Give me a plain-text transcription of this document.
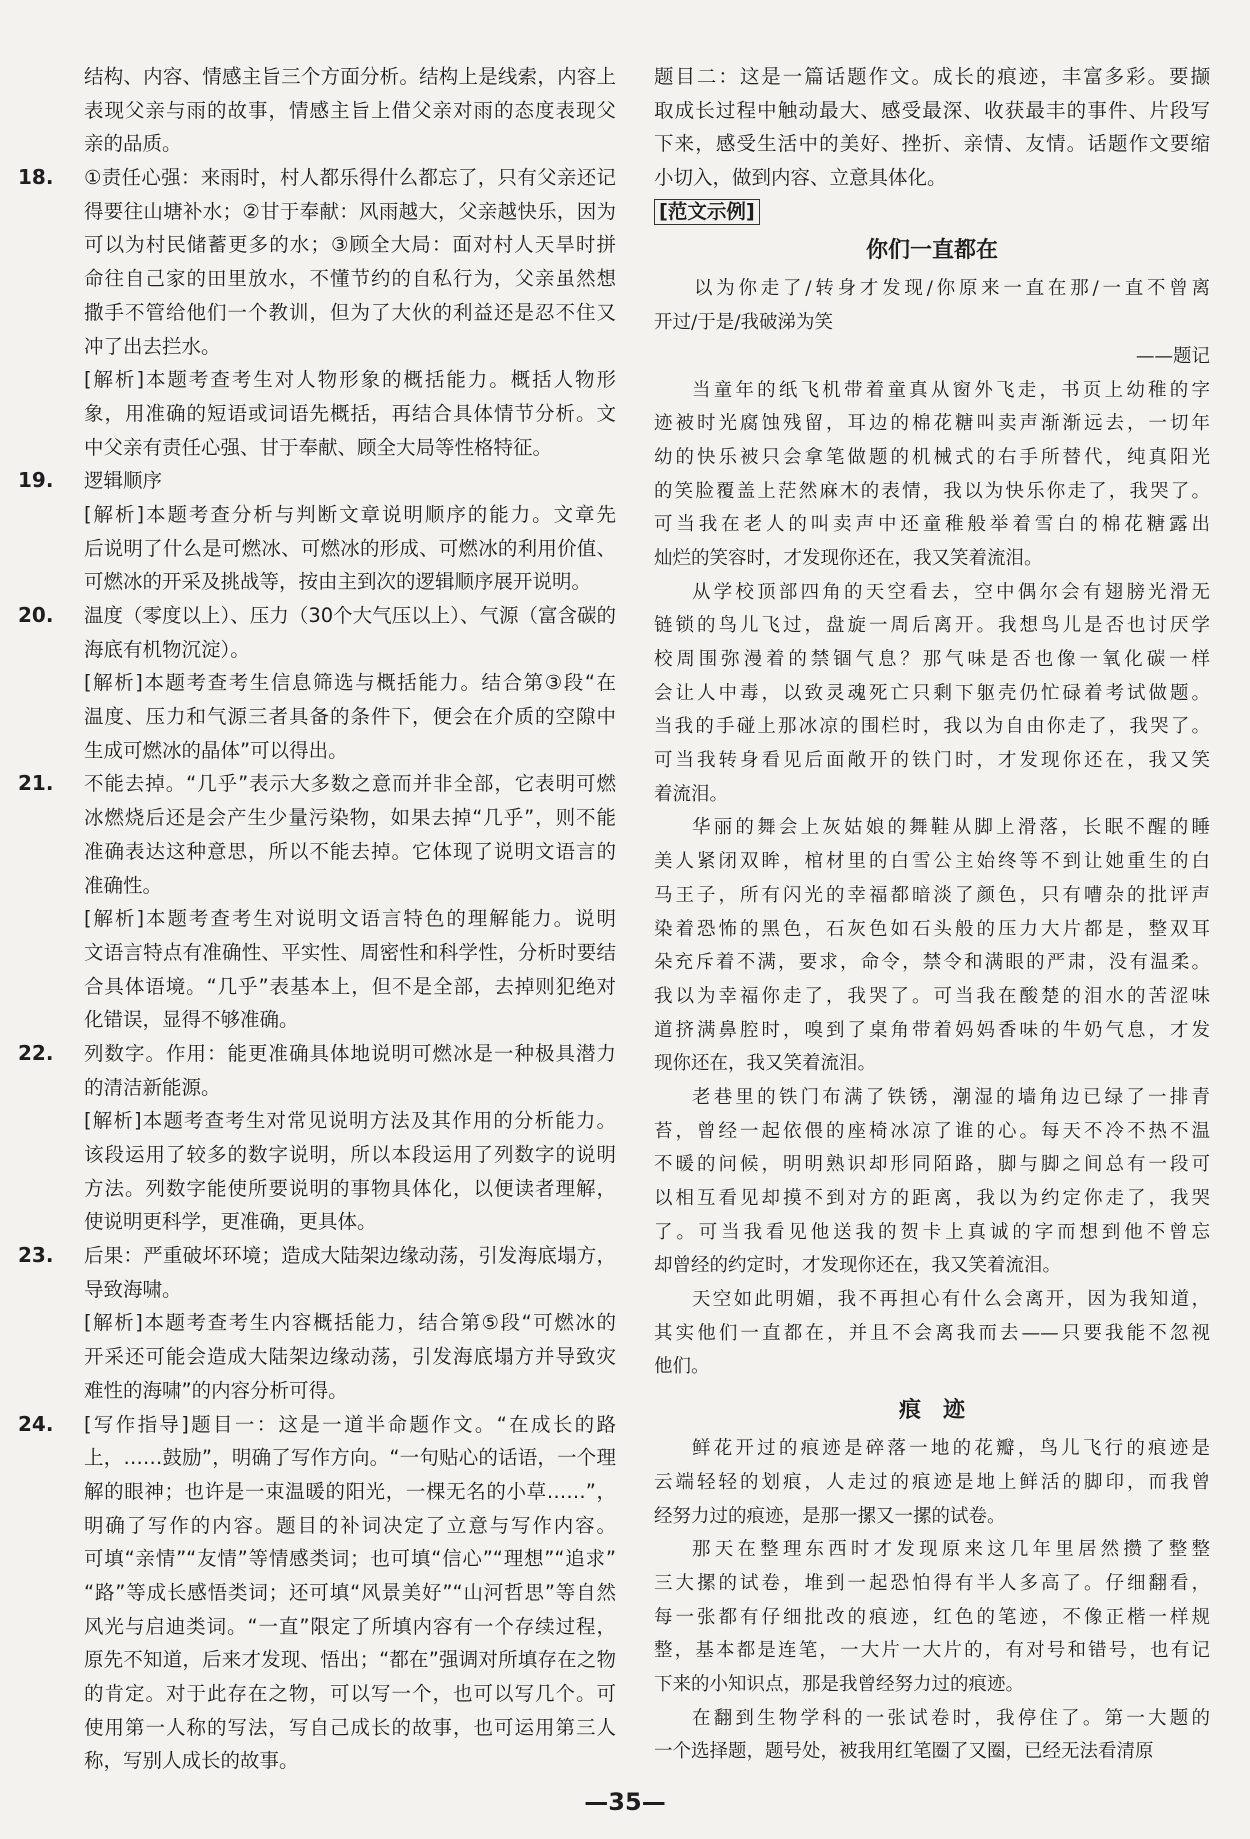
结构、内容、情感主旨三个方面分析。结构上是线索，内容上
表现父亲与雨的故事，情感主旨上借父亲对雨的态度表现父
亲的品质。
18. ①责任心强：来雨时，村人都乐得什么都忘了，只有父亲还记
得要往山塘补水；②甘于奉献：风雨越大，父亲越快乐，因为
可以为村民储蓄更多的水；③顾全大局：面对村人天旱时拼
命往自己家的田里放水，不懂节约的自私行为，父亲虽然想
撒手不管给他们一个教训，但为了大伙的利益还是忍不住又
冲了出去拦水。
[解析]本题考查考生对人物形象的概括能力。概括人物形
象，用准确的短语或词语先概括，再结合具体情节分析。文
中父亲有责任心强、甘于奉献、顾全大局等性格特征。
19. 逻辑顺序
[解析]本题考查分析与判断文章说明顺序的能力。文章先
后说明了什么是可燃冰、可燃冰的形成、可燃冰的利用价值、
可燃冰的开采及挑战等，按由主到次的逻辑顺序展开说明。
20. 温度（零度以上）、压力（30个大气压以上）、气源（富含碳的
海底有机物沉淀）。
[解析]本题考查考生信息筛选与概括能力。结合第③段“在
温度、压力和气源三者具备的条件下，便会在介质的空隙中
生成可燃冰的晶体”可以得出。
21. 不能去掉。“几乎”表示大多数之意而并非全部，它表明可燃
冰燃烧后还是会产生少量污染物，如果去掉“几乎”，则不能
准确表达这种意思，所以不能去掉。它体现了说明文语言的
准确性。
[解析]本题考查考生对说明文语言特色的理解能力。说明
文语言特点有准确性、平实性、周密性和科学性，分析时要结
合具体语境。“几乎”表基本上，但不是全部，去掉则犯绝对
化错误，显得不够准确。
22. 列数字。作用：能更准确具体地说明可燃冰是一种极具潜力
的清洁新能源。
[解析]本题考查考生对常见说明方法及其作用的分析能力。
该段运用了较多的数字说明，所以本段运用了列数字的说明
方法。列数字能使所要说明的事物具体化，以便读者理解，
使说明更科学，更准确，更具体。
23. 后果：严重破坏环境；造成大陆架边缘动荡，引发海底塌方，
导致海啸。
[解析]本题考查考生内容概括能力，结合第⑤段“可燃冰的
开采还可能会造成大陆架边缘动荡，引发海底塌方并导致灾
难性的海啸”的内容分析可得。
24. [写作指导]题目一：这是一道半命题作文。“在成长的路
上，……鼓励”，明确了写作方向。“一句贴心的话语，一个理
解的眼神；也许是一束温暖的阳光，一棵无名的小草……”，
明确了写作的内容。题目的补词决定了立意与写作内容。
可填“亲情”“友情”等情感类词；也可填“信心”“理想”“追求”
“路”等成长感悟类词；还可填“风景美好”“山河哲思”等自然
风光与启迪类词。“一直”限定了所填内容有一个存续过程，
原先不知道，后来才发现、悟出；“都在”强调对所填存在之物
的肯定。对于此存在之物，可以写一个，也可以写几个。可
使用第一人称的写法，写自己成长的故事，也可运用第三人
称，写别人成长的故事。
题目二：这是一篇话题作文。成长的痕迹，丰富多彩。要撷
取成长过程中触动最大、感受最深、收获最丰的事件、片段写
下来，感受生活中的美好、挫折、亲情、友情。话题作文要缩
小切入，做到内容、立意具体化。
[范文示例]
你们一直都在
以为你走了/转身才发现/你原来一直在那/一直不曾离
开过/于是/我破涕为笑
——题记
当童年的纸飞机带着童真从窗外飞走，书页上幼稚的字
迹被时光腐蚀残留，耳边的棉花糖叫卖声渐渐远去，一切年
幼的快乐被只会拿笔做题的机械式的右手所替代，纯真阳光
的笑脸覆盖上茫然麻木的表情，我以为快乐你走了，我哭了。
可当我在老人的叫卖声中还童稚般举着雪白的棉花糖露出
灿烂的笑容时，才发现你还在，我又笑着流泪。
从学校顶部四角的天空看去，空中偶尔会有翅膀光滑无
链锁的鸟儿飞过，盘旋一周后离开。我想鸟儿是否也讨厌学
校周围弥漫着的禁锢气息？那气味是否也像一氧化碳一样
会让人中毒，以致灵魂死亡只剩下躯壳仍忙碌着考试做题。
当我的手碰上那冰凉的围栏时，我以为自由你走了，我哭了。
可当我转身看见后面敞开的铁门时，才发现你还在，我又笑
着流泪。
华丽的舞会上灰姑娘的舞鞋从脚上滑落，长眠不醒的睡
美人紧闭双眸，棺材里的白雪公主始终等不到让她重生的白
马王子，所有闪光的幸福都暗淡了颜色，只有嘈杂的批评声
染着恐怖的黑色，石灰色如石头般的压力大片都是，整双耳
朵充斥着不满，要求，命令，禁令和满眼的严肃，没有温柔。
我以为幸福你走了，我哭了。可当我在酸楚的泪水的苦涩味
道挤满鼻腔时，嗅到了桌角带着妈妈香味的牛奶气息，才发
现你还在，我又笑着流泪。
老巷里的铁门布满了铁锈，潮湿的墙角边已绿了一排青
苔，曾经一起依偎的座椅冰凉了谁的心。每天不冷不热不温
不暖的问候，明明熟识却形同陌路，脚与脚之间总有一段可
以相互看见却摸不到对方的距离，我以为约定你走了，我哭
了。可当我看见他送我的贺卡上真诚的字而想到他不曾忘
却曾经的约定时，才发现你还在，我又笑着流泪。
天空如此明媚，我不再担心有什么会离开，因为我知道，
其实他们一直都在，并且不会离我而去——只要我能不忽视
他们。
痕　迹
鲜花开过的痕迹是碎落一地的花瓣，鸟儿飞行的痕迹是
云端轻轻的划痕，人走过的痕迹是地上鲜活的脚印，而我曾
经努力过的痕迹，是那一摞又一摞的试卷。
那天在整理东西时才发现原来这几年里居然攒了整整
三大摞的试卷，堆到一起恐怕得有半人多高了。仔细翻看，
每一张都有仔细批改的痕迹，红色的笔迹，不像正楷一样规
整，基本都是连笔，一大片一大片的，有对号和错号，也有记
下来的小知识点，那是我曾经努力过的痕迹。
在翻到生物学科的一张试卷时，我停住了。第一大题的
一个选择题，题号处，被我用红笔圈了又圈，已经无法看清原
—35—
